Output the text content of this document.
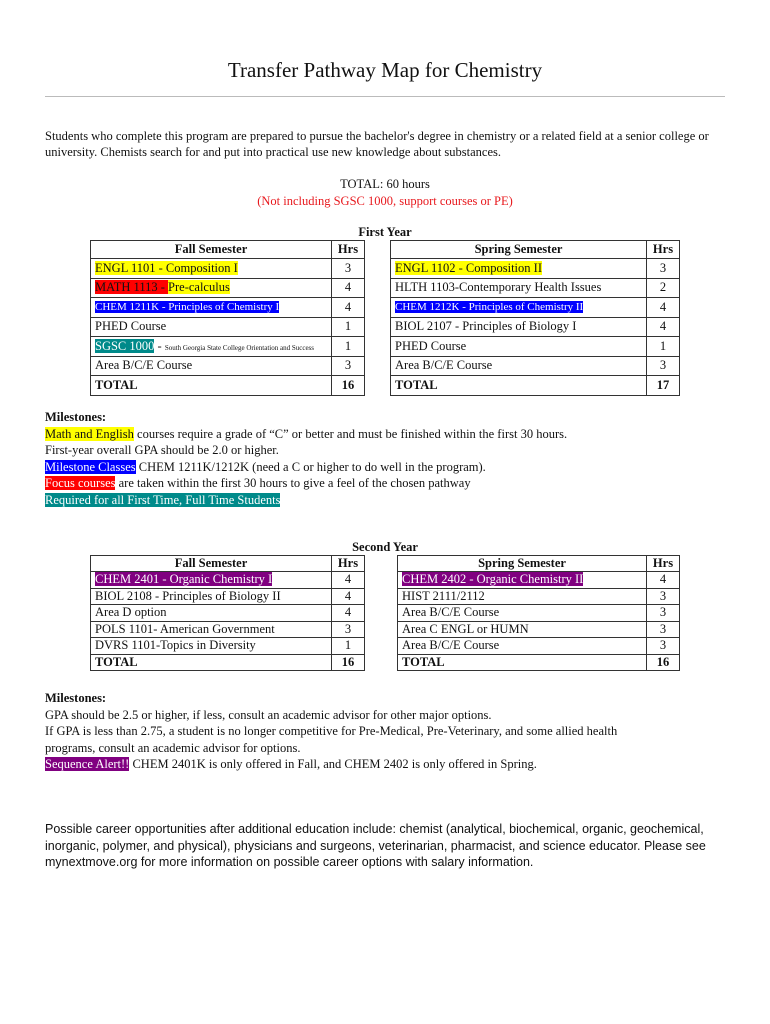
Transfer Pathway Map for Chemistry
Students who complete this program are prepared to pursue the bachelor's degree in chemistry or a related field at a senior college or university. Chemists search for and put into practical use new knowledge about substances.
TOTAL: 60 hours
(Not including SGSC 1000, support courses or PE)
First Year
Fall Semester	Hrs
ENGL 1101 - Composition I	3
MATH 1113 - Pre-calculus	4
CHEM 1211K - Principles of Chemistry I	4
PHED Course	1
SGSC 1000 - South Georgia State College Orientation and Success	1
Area B/C/E Course	3
TOTAL	16
Spring Semester	Hrs
ENGL 1102 - Composition II	3
HLTH 1103-Contemporary Health Issues	2
CHEM 1212K - Principles of Chemistry II	4
BIOL 2107 - Principles of Biology I	4
PHED Course	1
Area B/C/E Course	3
TOTAL	17
Milestones:
Math and English courses require a grade of “C” or better and must be finished within the first 30 hours.
First-year overall GPA should be 2.0 or higher.
Milestone Classes CHEM 1211K/1212K (need a C or higher to do well in the program).
Focus courses are taken within the first 30 hours to give a feel of the chosen pathway
Required for all First Time, Full Time Students
Second Year
Fall Semester	Hrs
CHEM 2401 - Organic Chemistry I	4
BIOL 2108 - Principles of Biology II	4
Area D option	4
POLS 1101- American Government	3
DVRS 1101-Topics in Diversity	1
TOTAL	16
Spring Semester	Hrs
CHEM 2402 - Organic Chemistry II	4
HIST 2111/2112	3
Area B/C/E Course	3
Area C ENGL or HUMN	3
Area B/C/E Course	3
TOTAL	16
Milestones:
GPA should be 2.5 or higher, if less, consult an academic advisor for other major options.
If GPA is less than 2.75, a student is no longer competitive for Pre-Medical, Pre-Veterinary, and some allied health
programs, consult an academic advisor for options.
Sequence Alert!! CHEM 2401K is only offered in Fall, and CHEM 2402 is only offered in Spring.
Possible career opportunities after additional education include: chemist (analytical, biochemical, organic, geochemical, inorganic, polymer, and physical), physicians and surgeons, veterinarian, pharmacist, and science educator. Please see mynextmove.org for more information on possible career options with salary information.
